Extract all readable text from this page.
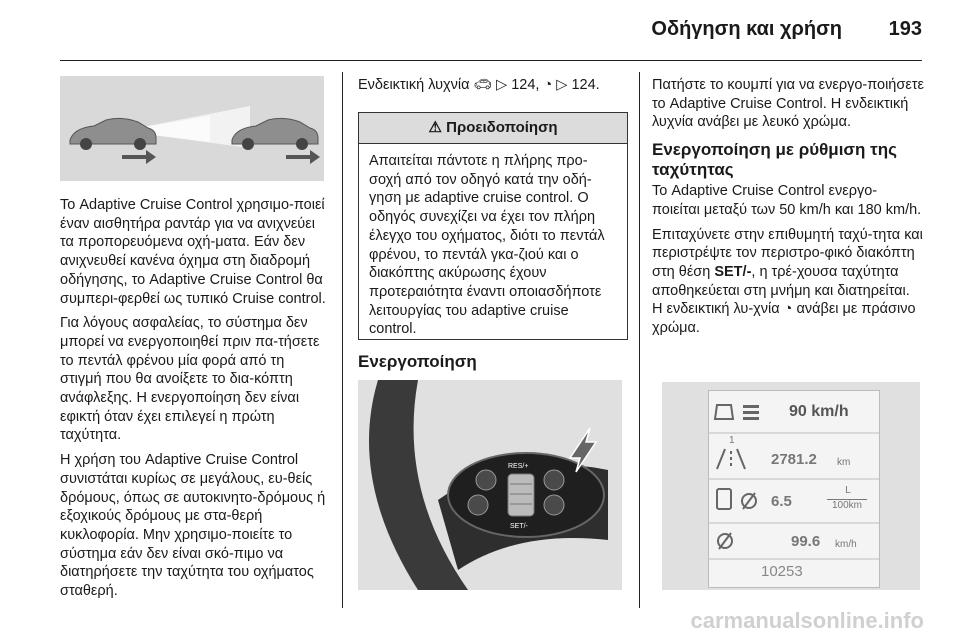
Οδήγηση και χρήση 193

Το Adaptive Cruise Control χρησιμο-ποιεί έναν αισθητήρα ραντάρ για να ανιχνεύει τα προπορευόμενα οχή-ματα. Εάν δεν ανιχνευθεί κανένα όχημα στη διαδρομή οδήγησης, το Adaptive Cruise Control θα συμπερι-φερθεί ως τυπικό Cruise control.

Για λόγους ασφαλείας, το σύστημα δεν μπορεί να ενεργοποιηθεί πριν πα-τήσετε το πεντάλ φρένου μία φορά από τη στιγμή που θα ανοίξετε το δια-κόπτη ανάφλεξης. Η ενεργοποίηση δεν είναι εφικτή όταν έχει επιλεγεί η πρώτη ταχύτητα.

Η χρήση του Adaptive Cruise Control συνιστάται κυρίως σε μεγάλους, ευ-θείς δρόμους, όπως σε αυτοκινητο-δρόμους ή εξοχικούς δρόμους με στα-θερή κυκλοφορία. Μην χρησιμο-ποιείτε το σύστημα εάν δεν είναι σκό-πιμο να διατηρήσετε την ταχύτητα του οχήματος σταθερή.

Ενδεικτική λυχνία 🚗︎ ▷ 124, ◔ ▷ 124.

⚠ Προειδοποίηση
Απαιτείται πάντοτε η πλήρης προ-σοχή από τον οδηγό κατά την οδή-γηση με adaptive cruise control. Ο οδηγός συνεχίζει να έχει τον πλήρη έλεγχο του οχήματος, διότι το πεντάλ φρένου, το πεντάλ γκα-ζιού και ο διακόπτης ακύρωσης έχουν προτεραιότητα έναντι οποιασδήποτε λειτουργίας του adaptive cruise control.
Ενεργοποίηση
RES/+
SET/-

Πατήστε το κουμπί για να ενεργο-ποιήσετε το Adaptive Cruise Control. Η ενδεικτική λυχνία ανάβει με λευκό χρώμα.

Ενεργοποίηση με ρύθμιση της ταχύτητας

Το Adaptive Cruise Control ενεργο-ποιείται μεταξύ των 50 km/h και 180 km/h.

Επιταχύνετε στην επιθυμητή ταχύ-τητα και περιστρέψτε τον περιστρο-φικό διακόπτη στη θέση SET/-, η τρέ-χουσα ταχύτητα αποθηκεύεται στη μνήμη και διατηρείται. Η ενδεικτική λυ-χνία ◔ ανάβει με πράσινο χρώμα.

90 km/h
1
2781.2 km
6.5
L
100km
99.6 km/h
10253
carmanualsonline.info
